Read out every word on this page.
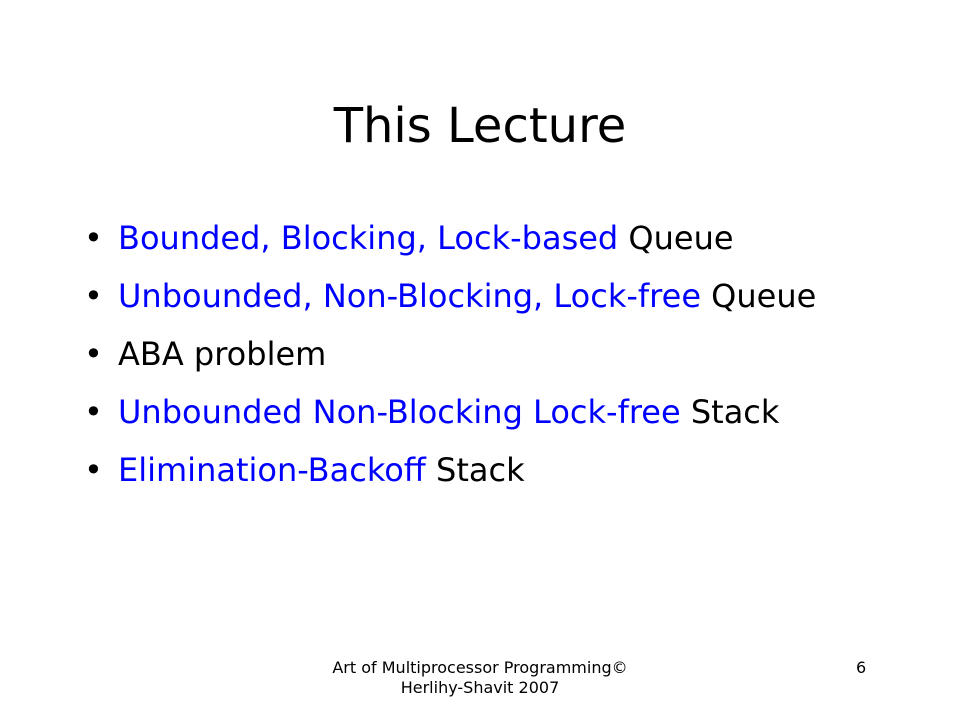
This Lecture
• Bounded, Blocking, Lock-based Queue
• Unbounded, Non-Blocking, Lock-free Queue
• ABA problem
• Unbounded Non-Blocking Lock-free Stack
• Elimination-Backoff Stack
Art of Multiprocessor Programming© Herlihy-Shavit 2007
6
